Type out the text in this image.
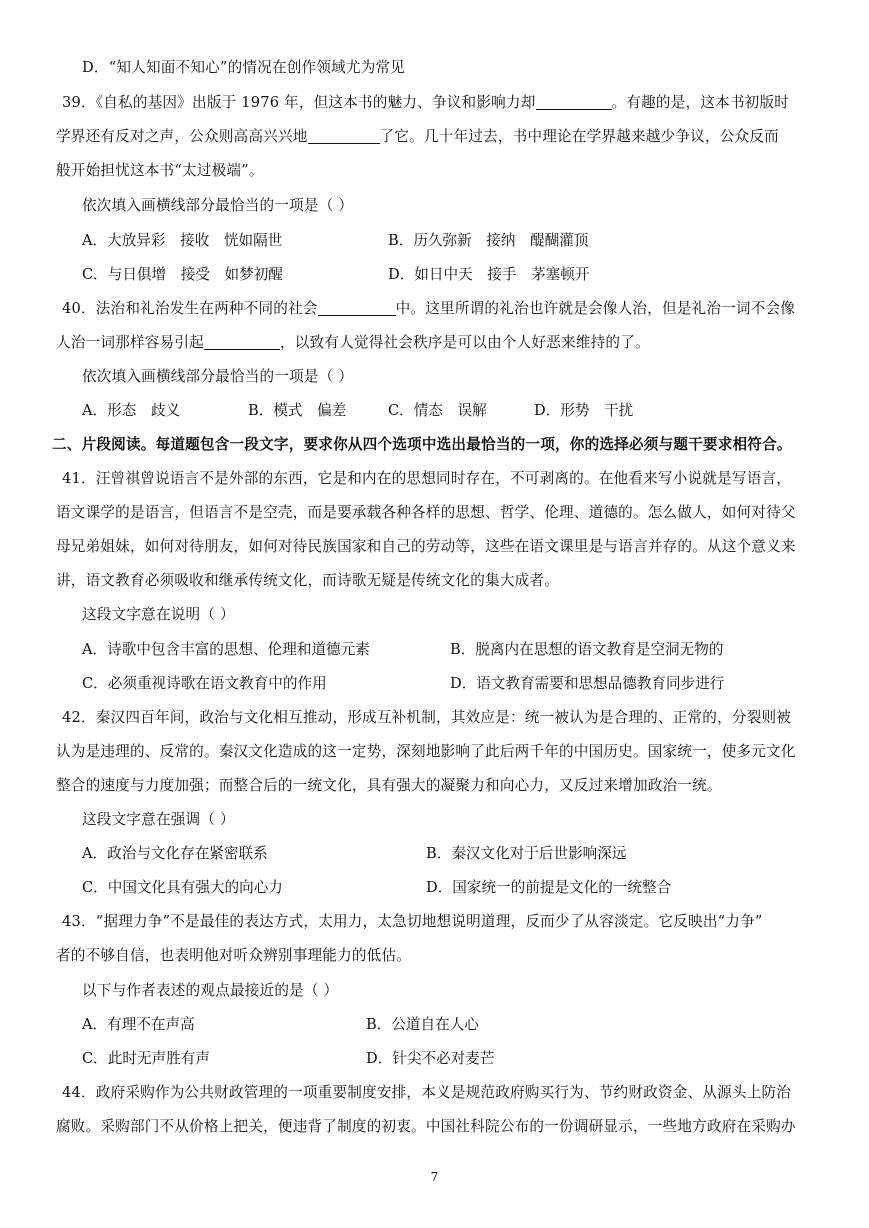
D．“知人知面不知心”的情况在创作领域尤为常见
39．《自私的基因》出版于 1976 年，但这本书的魅力、争议和影响力却	。有趣的是，这本书初版时
学界还有反对之声，公众则高高兴兴地	了它。几十年过去，书中理论在学界越来越少争议，公众反而
般开始担忧这本书“太过极端”。
依次填入画横线部分最恰当的一项是（ ）
A．大放异彩　接收　恍如隔世	B．历久弥新　接纳　醍醐灌顶
C．与日俱增　接受　如梦初醒	D．如日中天　接手　茅塞顿开
40．法治和礼治发生在两种不同的社会	中。这里所谓的礼治也许就是会像人治，但是礼治一词不会像
人治一词那样容易引起	，以致有人觉得社会秩序是可以由个人好恶来维持的了。
依次填入画横线部分最恰当的一项是（ ）
A．形态　歧义	B．模式　偏差	C．情态　误解	D．形势　干扰
二、片段阅读。每道题包含一段文字，要求你从四个选项中选出最恰当的一项，你的选择必须与题干要求相符合。
41．汪曾祺曾说语言不是外部的东西，它是和内在的思想同时存在，不可剥离的。在他看来写小说就是写语言，
语文课学的是语言，但语言不是空壳，而是要承载各种各样的思想、哲学、伦理、道德的。怎么做人，如何对待父
母兄弟姐妹，如何对待朋友，如何对待民族国家和自己的劳动等，这些在语文课里是与语言并存的。从这个意义来
讲，语文教育必须吸收和继承传统文化，而诗歌无疑是传统文化的集大成者。
这段文字意在说明（ ）
A．诗歌中包含丰富的思想、伦理和道德元素	B．脱离内在思想的语文教育是空洞无物的
C．必须重视诗歌在语文教育中的作用	D．语文教育需要和思想品德教育同步进行
42．秦汉四百年间，政治与文化相互推动，形成互补机制，其效应是：统一被认为是合理的、正常的，分裂则被
认为是违理的、反常的。秦汉文化造成的这一定势，深刻地影响了此后两千年的中国历史。国家统一，使多元文化
整合的速度与力度加强；而整合后的一统文化，具有强大的凝聚力和向心力，又反过来增加政治一统。
这段文字意在强调（ ）
A．政治与文化存在紧密联系	B．秦汉文化对于后世影响深远
C．中国文化具有强大的向心力	D．国家统一的前提是文化的一统整合
43．“据理力争”不是最佳的表达方式，太用力，太急切地想说明道理，反而少了从容淡定。它反映出“力争”
者的不够自信，也表明他对听众辨别事理能力的低估。
以下与作者表述的观点最接近的是（ ）
A．有理不在声高	B．公道自在人心
C．此时无声胜有声	D．针尖不必对麦芒
44．政府采购作为公共财政管理的一项重要制度安排，本义是规范政府购买行为、节约财政资金、从源头上防治
腐败。采购部门不从价格上把关，便违背了制度的初衷。中国社科院公布的一份调研显示，一些地方政府在采购办
7
